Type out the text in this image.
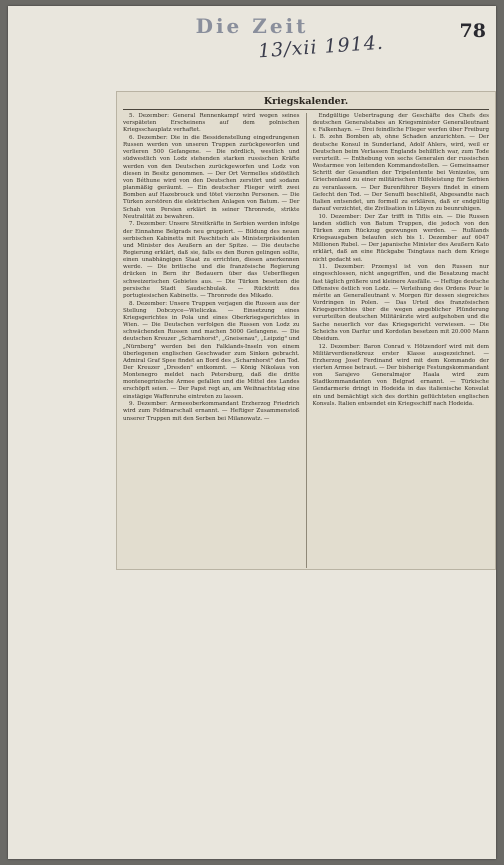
Die Zeit
13/xii 1914.
78
Kriegskalender.

5. Dezember: General Rennenkampf wird wegen seines verspäteten Erscheinens auf dem polnischen Kriegsschauplatz verhaftet.

6. Dezember: Die in die Bessidenstellung eingedrungenen Russen werden von unseren Truppen zurückgeworfen und verlieren 500 Gefangene. — Die nördlich, westlich und südwestlich von Lodz stehenden starken russischen Kräfte werden von den Deutschen zurückgeworfen und Lodz von diesen in Besitz genommen. — Der Ort Vermelles südöstlich von Béthune wird von den Deutschen zerstört und sodann planmäßig geräumt. — Ein deutscher Flieger wirft zwei Bomben auf Hazebrouck und tötet vierzehn Personen. — Die Türken zerstören die elektrischen Anlagen von Batum. — Der Schah von Persien erklärt in seiner Thronrede, strikte Neutralität zu bewahren.

7. Dezember: Unsere Streitkräfte in Serbien werden infolge der Einnahme Belgrads neu gruppiert. — Bildung des neuen serbischen Kabinetts mit Paschitsch als Ministerpräsidenten und Minister des Aeußern an der Spitze. — Die deutsche Regierung erklärt, daß sie, falls es den Buren gelingen sollte, einen unabhängigen Staat zu errichten, diesen anerkennen werde. — Die britische und die französische Regierung drücken in Bern ihr Bedauern über das Ueberfliegen schweizerischen Gebietes aus. — Die Türken besetzen die persische Stadt Saudschbulak. — Rücktritt des portugiesischen Kabinetts. — Thronrede des Mikado.

8. Dezember: Unsere Truppen verjagen die Russen aus der Stellung Dobczyce—Wieliczka. — Einsetzung eines Kriegsgerichtes in Pola und eines Oberkriegsgerichtes in Wien. — Die Deutschen verfolgen die Russen von Lodz zu schwächenden Russen und machen 5000 Gefangene. — Die deutschen Kreuzer „Scharnhorst", „Gneisenau", „Leipzig" und „Nürnberg" werden bei den Falklands-Inseln von einem überlegenen englischen Geschwader zum Sinken gebracht. Admiral Graf Spee findet an Bord des „Scharnhorst" den Tod. Der Kreuzer „Dresden" entkommt. — König Nikolaus von Montenegro meldet nach Petersburg, daß die dritte montenegrinische Armee gefallen und die Mittel des Landes erschöpft seien. — Der Papst regt an, am Weihnachtstag eine einstägige Waffenruhe eintreten zu lassen.

9. Dezember: Armeeoberkommandant Erzherzog Friedrich wird zum Feldmarschall ernannt. — Heftiger Zusammenstoß unserer Truppen mit den Serben bei Milanowatz. —

Endgültige Uebertragung der Geschäfte des Chefs des deutschen Generalstabes an Kriegsminister Generalleutnant v. Falkenhayn. — Drei feindliche Flieger werfen über Freiburg i. B. zehn Bomben ab, ohne Schaden anzurichten. — Der deutsche Konsul in Sunderland, Adolf Ahlers, wird, weil er Deutschen beim Verlassen Englands behilflich war, zum Tode verurteilt. — Enthebung von sechs Generalen der russischen Westarmee von leitenden Kommandostellen. — Gemeinsamer Schritt der Gesandten der Tripelentente bei Venizelos, um Griechenland zu einer militärischen Hilfeleistung für Serbien zu veranlassen. — Der Burenführer Beyers findet in einem Gefecht den Tod. — Der Senuffi beschließt, Abgesandte nach Italien entsendet, um formell zu erklären, daß er endgültig darauf verzichtet, die Zivilisation in Libyen zu beunruhigen.

10. Dezember: Der Zar trifft in Tiflis ein. — Die Russen landen südlich von Batum Truppen, die jedoch von den Türken zum Rückzug gezwungen werden. — Rußlands Kriegsausgaben belaufen sich bis 1. Dezember auf 6047 Millionen Rubel. — Der japanische Minister des Aeußern Kato erklärt, daß an eine Rückgabe Tsingtaus nach dem Kriege nicht gedacht sei.

11. Dezember: Przemysl ist von den Russen nur eingeschlossen, nicht angegriffen, und die Besatzung macht fast täglich größere und kleinere Ausfälle. — Heftige deutsche Offensive östlich von Lodz. — Verleihung des Ordens Pour le mérite an Generalleutnant v. Morgen für dessen siegreiches Vordringen in Polen. — Das Urteil des französischen Kriegsgerichtes über die wegen angeblicher Plünderung verurteilten deutschen Militärärzte wird aufgehoben und die Sache neuerlich vor das Kriegsgericht verwiesen. — Die Scheichs von Darfur und Kordofan besetzen mit 20.000 Mann Obeidum.

12. Dezember: Baron Conrad v. Hötzendorf wird mit dem Militärverdienstkreuz erster Klasse ausgezeichnet. — Erzherzog Josef Ferdinand wird mit dem Kommando der vierten Armee betraut. — Der bisherige Festungskommandant von Sarajevo Generalmajor Haala wird zum Stadtkommandanten von Belgrad ernannt. — Türkische Gendarmerie dringt in Hodeida in das italienische Konsulat ein und bemächtigt sich des dorthin geflüchteten englischen Konsuls. Italien entsendet ein Kriegsschiff nach Hodeida.
